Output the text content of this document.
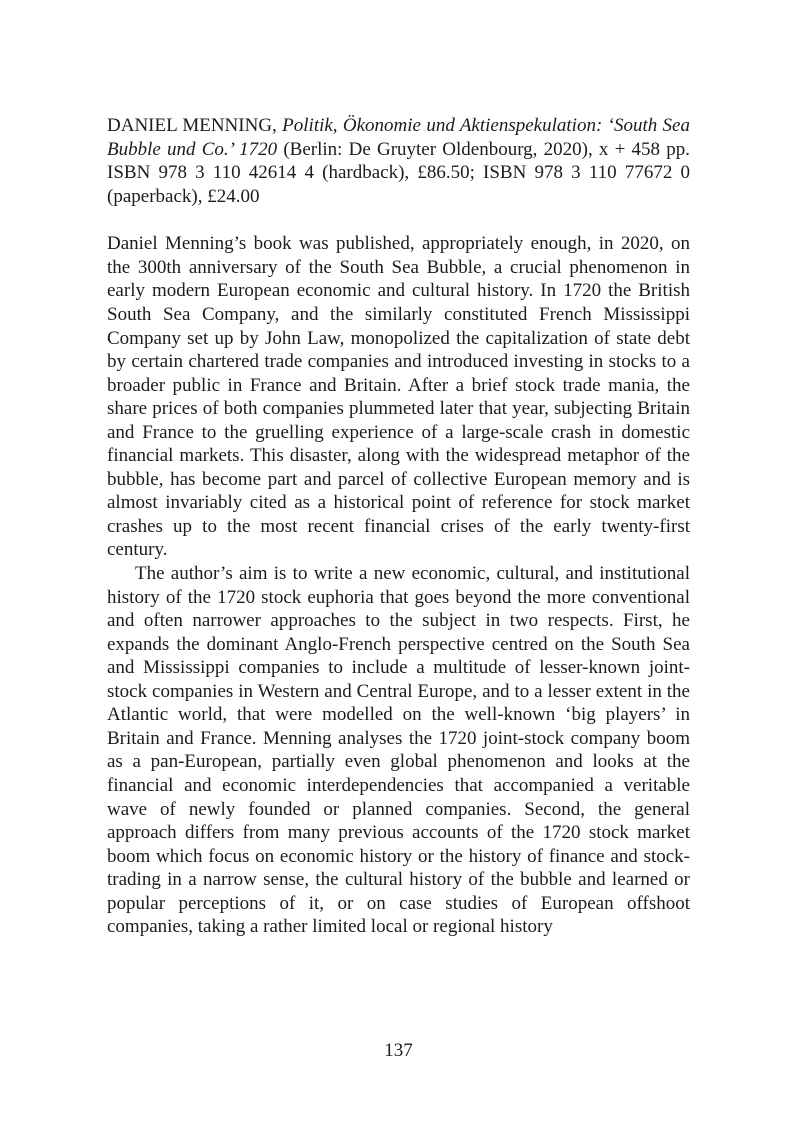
DANIEL MENNING, Politik, Ökonomie und Aktienspekulation: ‘South Sea Bubble und Co.’ 1720 (Berlin: De Gruyter Oldenbourg, 2020), x + 458 pp. ISBN 978 3 110 42614 4 (hardback), £86.50; ISBN 978 3 110 77672 0 (paperback), £24.00

Daniel Menning’s book was published, appropriately enough, in 2020, on the 300th anniversary of the South Sea Bubble, a crucial phenomenon in early modern European economic and cultural history. In 1720 the British South Sea Company, and the similarly constituted French Mississippi Company set up by John Law, monopolized the capitalization of state debt by certain chartered trade companies and introduced investing in stocks to a broader public in France and Britain. After a brief stock trade mania, the share prices of both companies plummeted later that year, subjecting Britain and France to the gruelling experience of a large-scale crash in domestic financial markets. This disaster, along with the widespread metaphor of the bubble, has become part and parcel of collective European memory and is almost invariably cited as a historical point of reference for stock market crashes up to the most recent financial crises of the early twenty-first century.

The author’s aim is to write a new economic, cultural, and institutional history of the 1720 stock euphoria that goes beyond the more conventional and often narrower approaches to the subject in two respects. First, he expands the dominant Anglo-French perspective centred on the South Sea and Mississippi companies to include a multitude of lesser-known joint-stock companies in Western and Central Europe, and to a lesser extent in the Atlantic world, that were modelled on the well-known ‘big players’ in Britain and France. Menning analyses the 1720 joint-stock company boom as a pan-European, partially even global phenomenon and looks at the financial and economic interdependencies that accompanied a veritable wave of newly founded or planned companies. Second, the general approach differs from many previous accounts of the 1720 stock market boom which focus on economic history or the history of finance and stock-trading in a narrow sense, the cultural history of the bubble and learned or popular perceptions of it, or on case studies of European offshoot companies, taking a rather limited local or regional history

137
